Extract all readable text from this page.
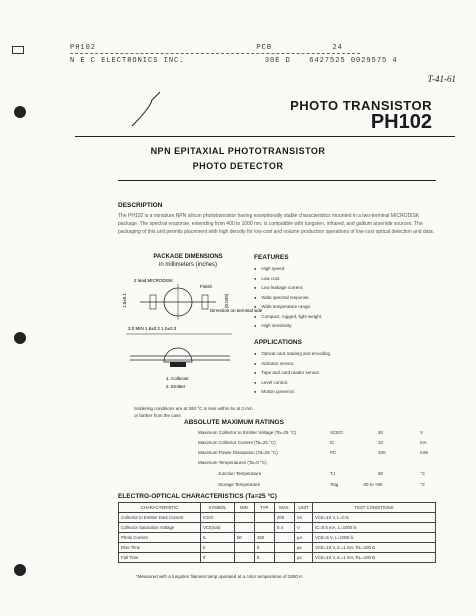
PH102	PCB	24
N E C ELECTRONICS INC.	30E D	6427525 0029575 4
T-41-61
PHOTO TRANSISTOR
PH102
NPN EPITAXIAL PHOTOTRANSISTOR
PHOTO DETECTOR
DESCRIPTION
The PH102 is a miniature NPN silicon phototransistor having exceptionally stable characteristics mounted in a two-terminal MICRODISK package. The spectral response, extending from 400 to 1000 nm, is compatible with tungsten, infrared, and gallium arsenide sources. The packaging of this unit permits placement with high density for low cost and volume production operations of low-cost optical detection and data.
PACKAGE DIMENSIONS
in millimeters (inches)
2 lead MICRODISK
Finish
1.0±0.1	(0.039)
Dirrection on terminal side
3.0 MIN 1.8±0.2 1.5±0.3
1. Collector
2. Emitter
Soldering conditions are at 260 °C in less within 5s at 3 mm or farther from the case.
FEATURES
● High speed.
● Low cost.
● Low leakage current.
● Wide spectral response.
● Wide temperature range.
● Compact, rugged, light weight.
● High sensitivity.
APPLICATIONS
● Optical card reading and encoding.
● Indicator sensor.
● Tape and card reader sensor.
● Level control.
● Motion governor.
ABSOLUTE MAXIMUM RATINGS
Maximum Collector to Emitter Voltage (Ta=25 °C)	VCEO	30	V
Maximum Collector Current (Ta=25 °C)	IC	10	mA
Maximum Power Dissipation (Ta=25 °C)	PC	100	mW
Maximum Temperatures (Ta=0 °C)
Junction Temperature	TJ	80	°C
Storage Temperature	Tstg	-30 to +80	°C
ELECTRO-OPTICAL CHARACTERISTICS (Ta=25 °C)
CHARACTERISTIC	SYMBOL	MIN.	TYP.	MAX.	UNIT	TEST CONDITIONS
Collector to Emitter Dark Current	ICEO			200	nA	VCE=10 V, L=0 lx
Collector Saturation Voltage	VCE(sat)			0.4	V	IC=0.5 mA, L=1000 lx
Photo Current	IL	50	150		µA	VCE=5 V, L=1000 lx
Rise Time	tr		5		µs	VCE=10 V, IL=1 mA, RL=100 Ω
Fall Time	tf		5		µs	VCE=10 V, IL=1 mA, RL=100 Ω
*Measured with a tungsten filament lamp operated at a color temperature of 2850 K.
